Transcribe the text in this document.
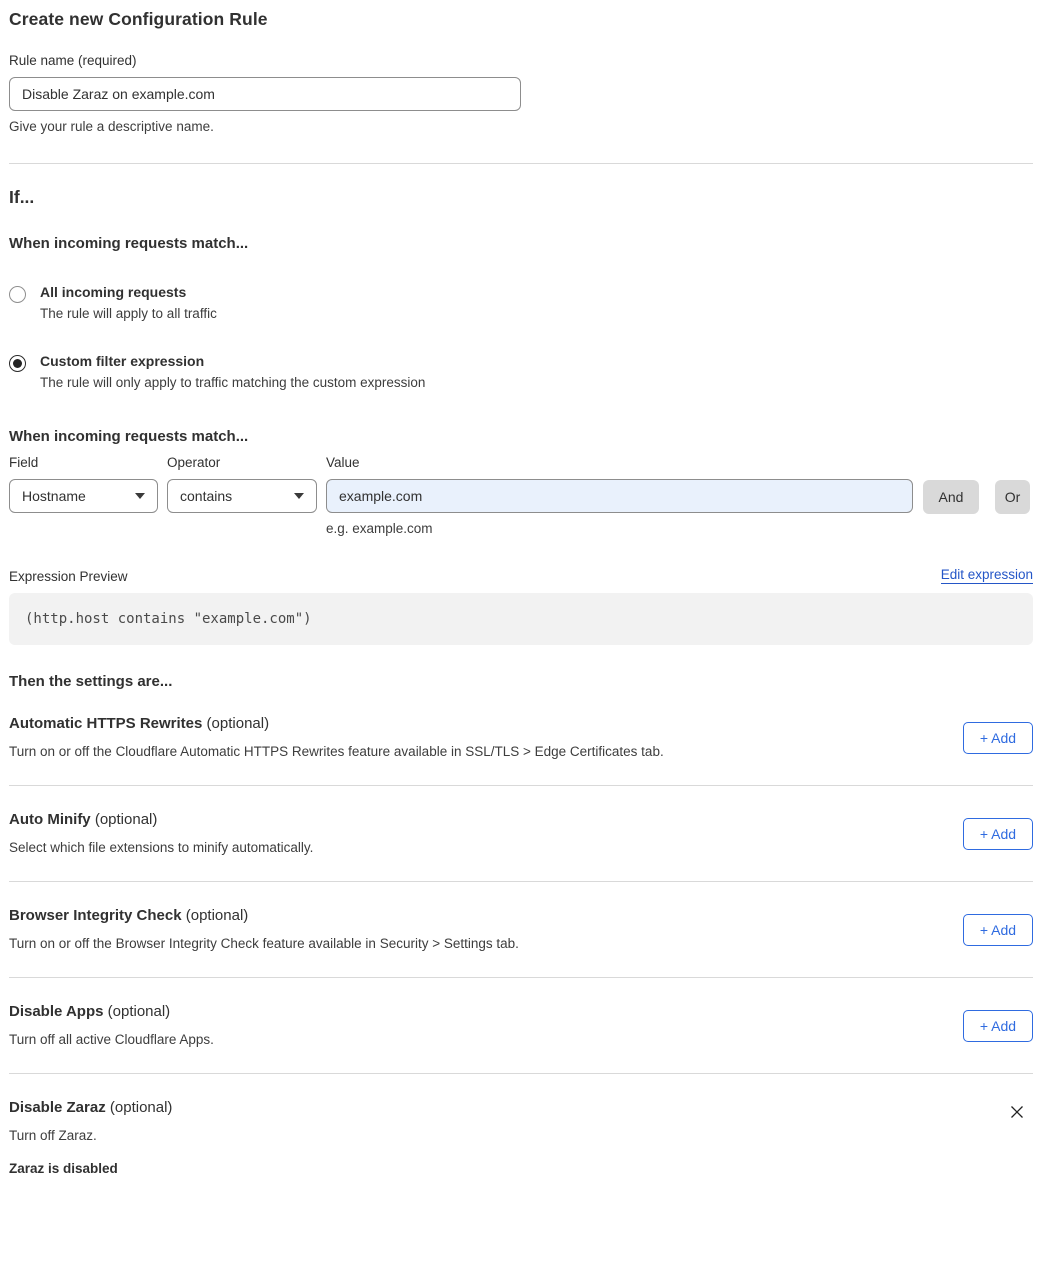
Create new Configuration Rule
Rule name (required)
Disable Zaraz on example.com
Give your rule a descriptive name.
If...
When incoming requests match...
All incoming requests
The rule will apply to all traffic
Custom filter expression
The rule will only apply to traffic matching the custom expression
When incoming requests match...
Field
Hostname
Operator
contains
Value
example.com
e.g. example.com
And	Or
Expression Preview	Edit expression
(http.host contains "example.com")
Then the settings are...
Automatic HTTPS Rewrites (optional)
Turn on or off the Cloudflare Automatic HTTPS Rewrites feature available in SSL/TLS > Edge Certificates tab.
+ Add
Auto Minify (optional)
Select which file extensions to minify automatically.
+ Add
Browser Integrity Check (optional)
Turn on or off the Browser Integrity Check feature available in Security > Settings tab.
+ Add
Disable Apps (optional)
Turn off all active Cloudflare Apps.
+ Add
Disable Zaraz (optional)
Turn off Zaraz.
Zaraz is disabled
